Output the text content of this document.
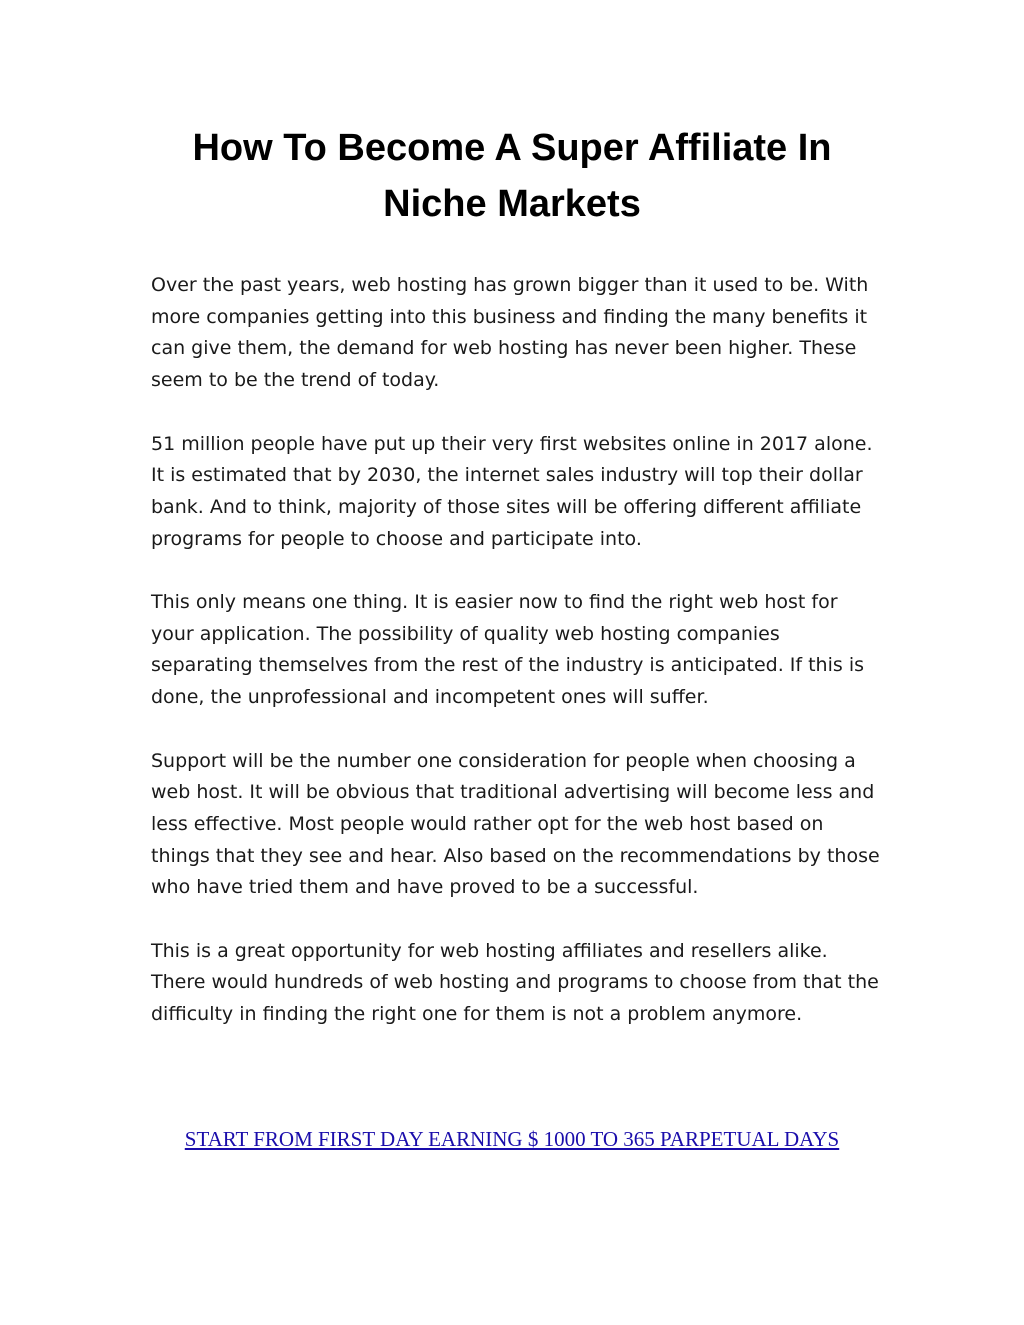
How To Become A Super Affiliate In Niche Markets

Over the past years, web hosting has grown bigger than it used to be. With more companies getting into this business and finding the many benefits it can give them, the demand for web hosting has never been higher. These seem to be the trend of today.

51 million people have put up their very first websites online in 2017 alone. It is estimated that by 2030, the internet sales industry will top their dollar bank. And to think, majority of those sites will be offering different affiliate programs for people to choose and participate into.

This only means one thing. It is easier now to find the right web host for your application. The possibility of quality web hosting companies separating themselves from the rest of the industry is anticipated. If this is done, the unprofessional and incompetent ones will suffer.

Support will be the number one consideration for people when choosing a web host. It will be obvious that traditional advertising will become less and less effective. Most people would rather opt for the web host based on things that they see and hear. Also based on the recommendations by those who have tried them and have proved to be a successful.

This is a great opportunity for web hosting affiliates and resellers alike. There would hundreds of web hosting and programs to choose from that the difficulty in finding the right one for them is not a problem anymore.

START FROM FIRST DAY EARNING $ 1000 TO 365 PARPETUAL DAYS
